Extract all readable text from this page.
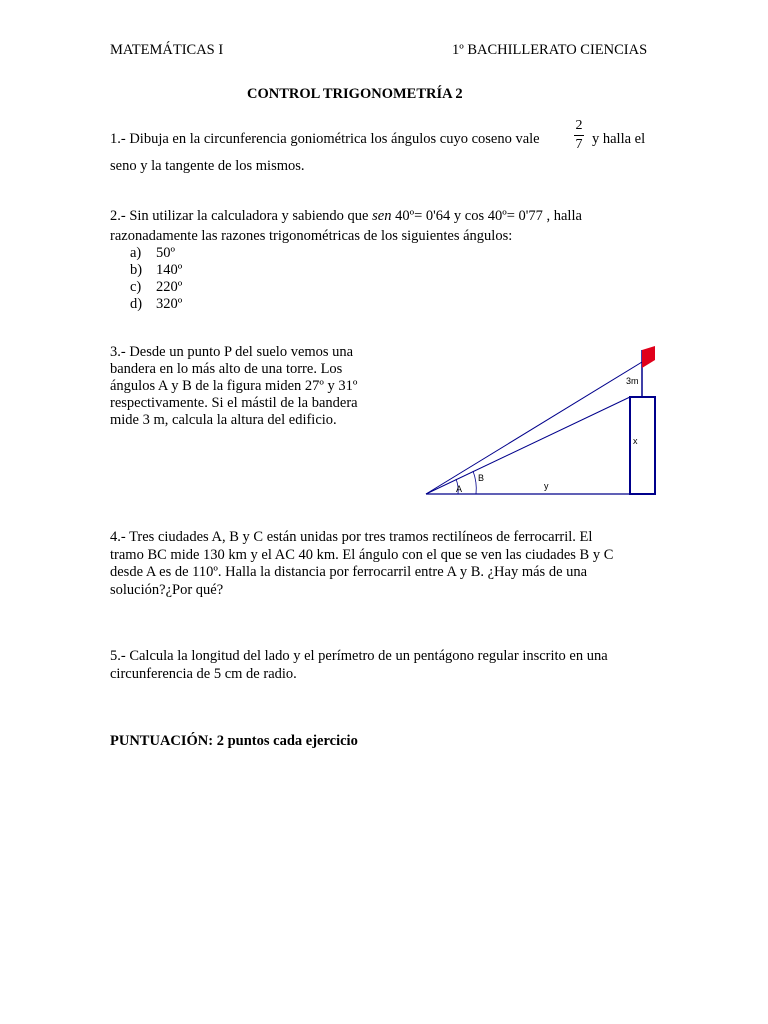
MATEMÁTICAS I	1º BACHILLERATO CIENCIAS
CONTROL TRIGONOMETRÍA 2
1.- Dibuja en la circunferencia goniométrica los ángulos cuyo coseno vale
2
7 y halla el
seno y la tangente de los mismos.
2.- Sin utilizar la calculadora y sabiendo que sen 40º= 0'64 y cos 40º= 0'77 , halla
razonadamente las razones trigonométricas de los siguientes ángulos:
a) 50º
b) 140º
c) 220º
d) 320º
3.- Desde un punto P del suelo vemos una
bandera en lo más alto de una torre. Los
ángulos A y B de la figura miden 27º y 31º
respectivamente. Si el mástil de la bandera
mide 3 m, calcula la altura del edificio.
3m
x
y
A
B
4.- Tres ciudades A, B y C están unidas por tres tramos rectilíneos de ferrocarril. El
tramo BC mide 130 km y el AC 40 km. El ángulo con el que se ven las ciudades B y C
desde A es de 110º. Halla la distancia por ferrocarril entre A y B. ¿Hay más de una
solución?¿Por qué?
5.- Calcula la longitud del lado y el perímetro de un pentágono regular inscrito en una
circunferencia de 5 cm de radio.
PUNTUACIÓN: 2 puntos cada ejercicio
